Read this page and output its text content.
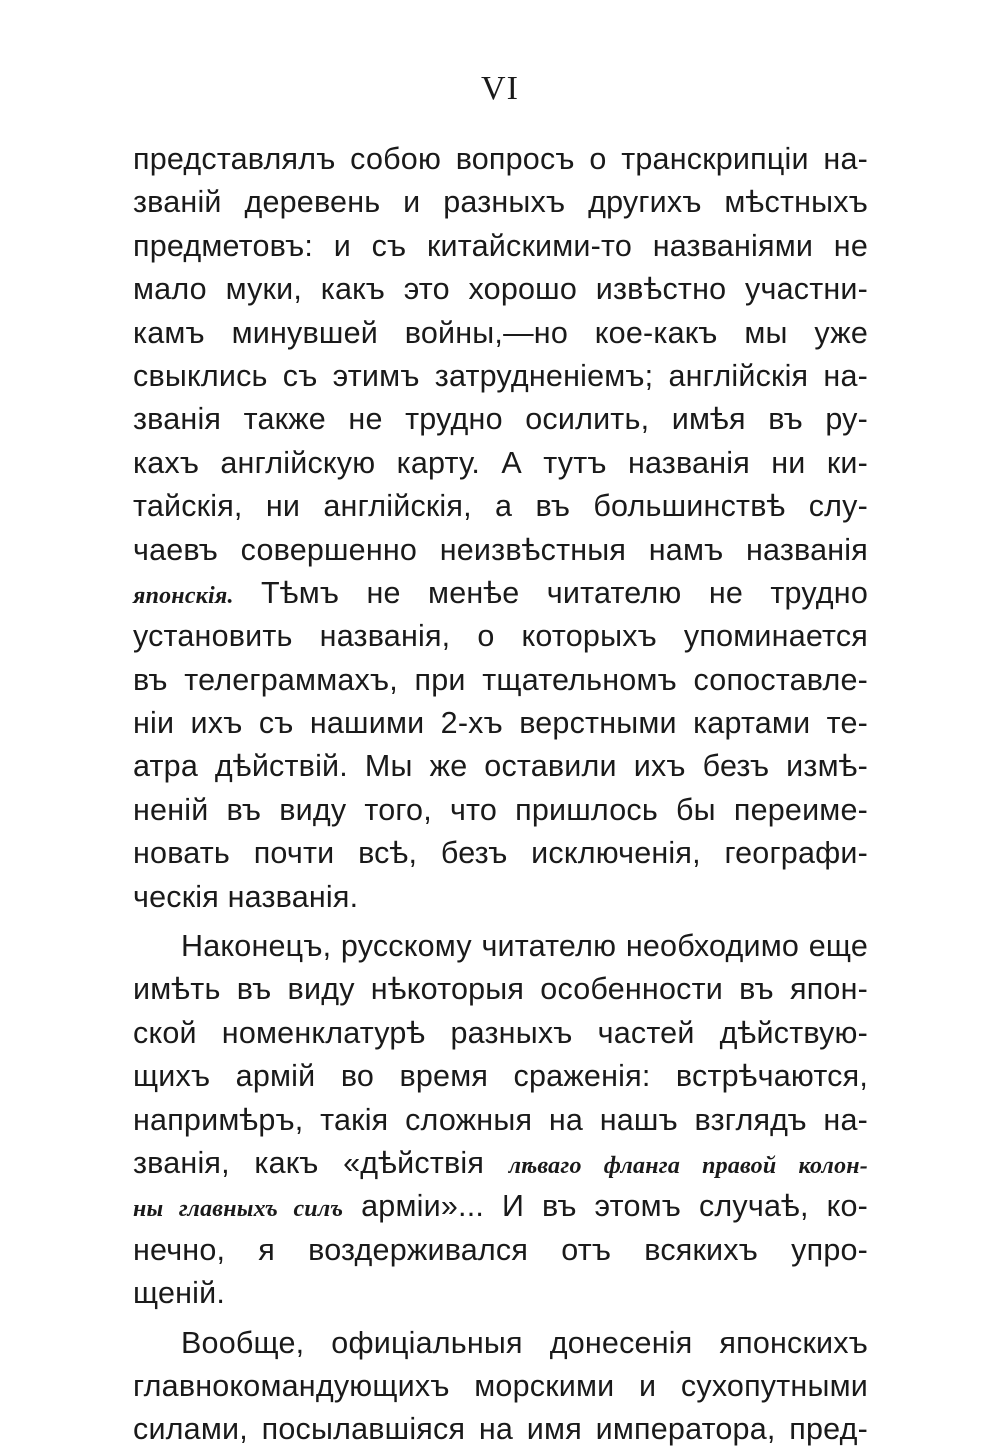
VI
представлялъ собою вопросъ о транскрипціи на-
званій деревень и разныхъ другихъ мѣстныхъ
предметовъ: и съ китайскими-то названіями не
мало муки, какъ это хорошо извѣстно участни-
камъ минувшей войны,—но кое-какъ мы уже
свыклись съ этимъ затрудненіемъ; англійскія на-
званія также не трудно осилить, имѣя въ ру-
кахъ англійскую карту. А тутъ названія ни ки-
тайскія, ни англійскія, а въ большинствѣ слу-
чаевъ совершенно неизвѣстныя намъ названія
японскія. Тѣмъ не менѣе читателю не трудно
установить названія, о которыхъ упоминается
въ телеграммахъ, при тщательномъ сопоставле-
ніи ихъ съ нашими 2-хъ верстными картами те-
атра дѣйствій. Мы же оставили ихъ безъ измѣ-
неній въ виду того, что пришлось бы переиме-
новать почти всѣ, безъ исключенія, географи-
ческія названія.
Наконецъ, русскому читателю необходимо еще
имѣть въ виду нѣкоторыя особенности въ япон-
ской номенклатурѣ разныхъ частей дѣйствую-
щихъ армій во время сраженія: встрѣчаются,
напримѣръ, такія сложныя на нашъ взглядъ на-
званія, какъ «дѣйствія лѣваго фланга правой колон-
ны главныхъ силъ арміи»... И въ этомъ случаѣ, ко-
нечно, я воздерживался отъ всякихъ упро-
щеній.
Вообще, офиціальныя донесенія японскихъ
главнокомандующихъ морскими и сухопутными
силами, посылавшіяся на имя императора, пред-
